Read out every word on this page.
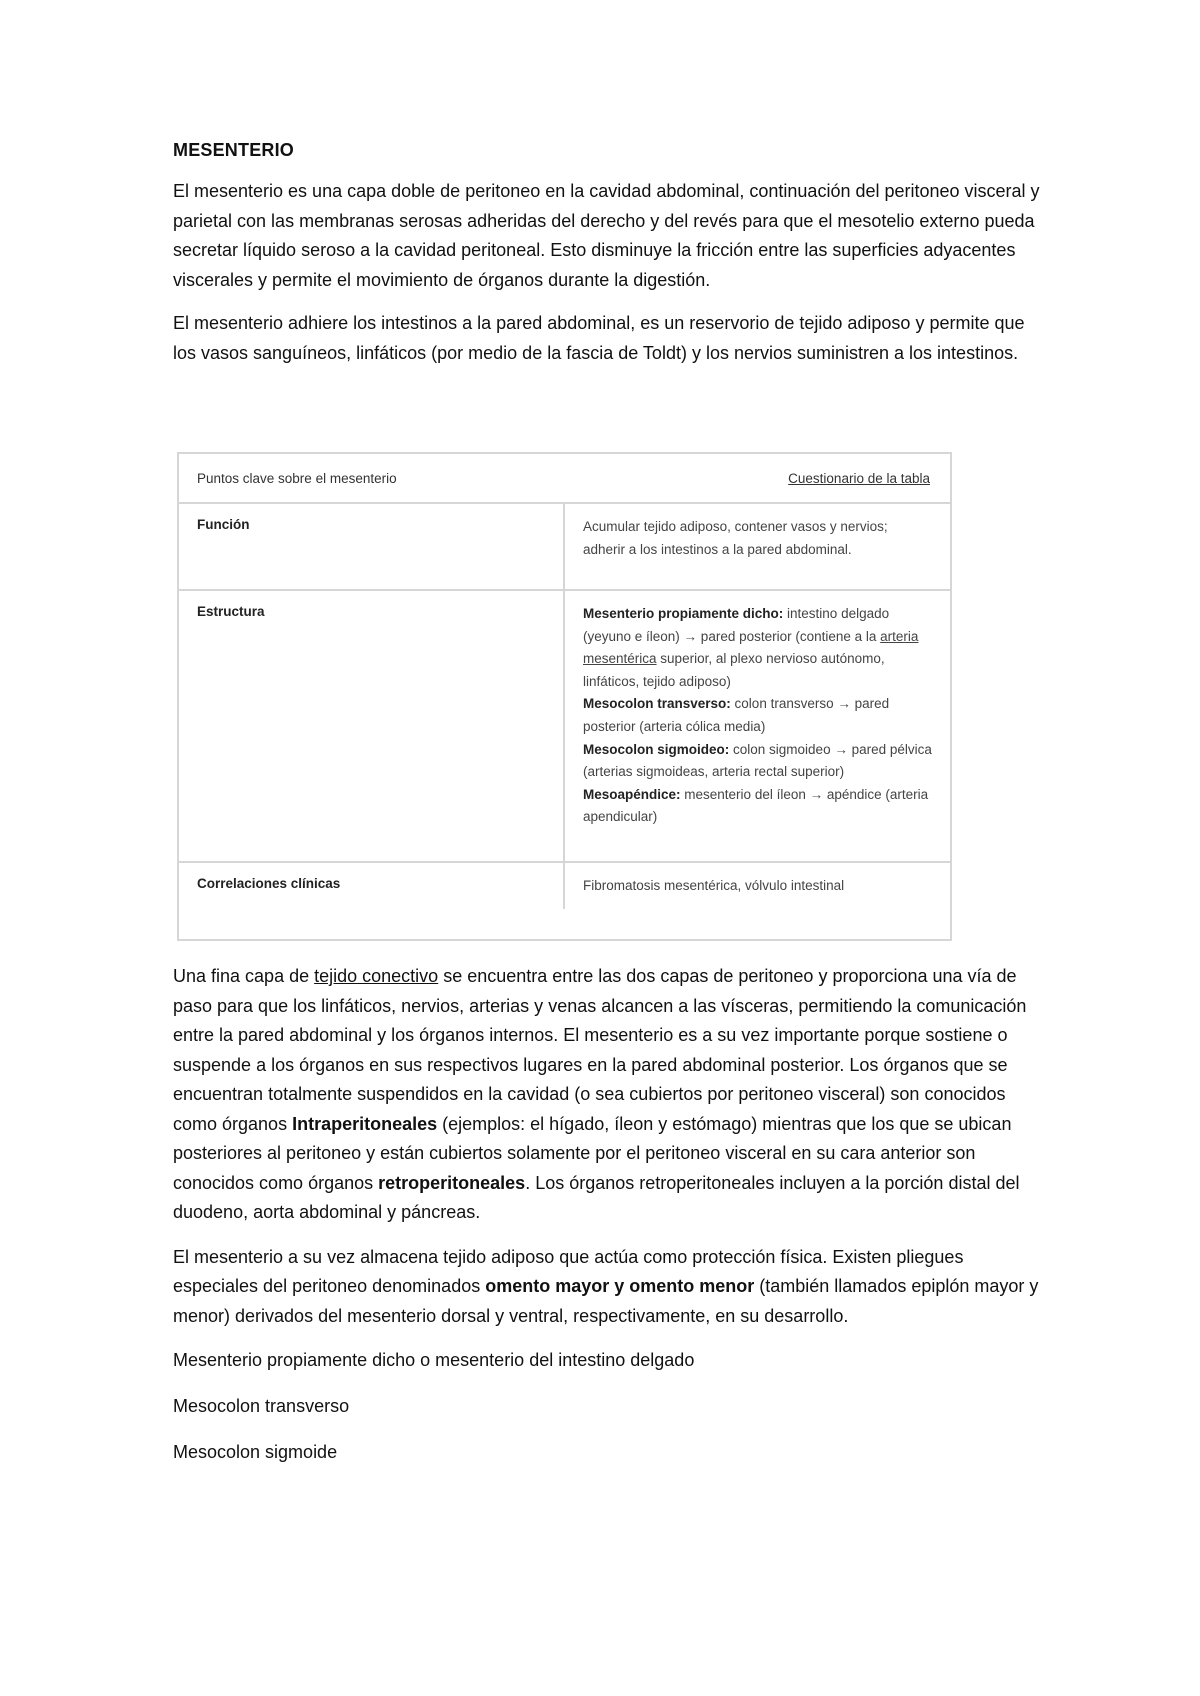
MESENTERIO

El mesenterio es una capa doble de peritoneo en la cavidad abdominal, continuación del peritoneo visceral y parietal con las membranas serosas adheridas del derecho y del revés para que el mesotelio externo pueda secretar líquido seroso a la cavidad peritoneal. Esto disminuye la fricción entre las superficies adyacentes viscerales y permite el movimiento de órganos durante la digestión.

El mesenterio adhiere los intestinos a la pared abdominal, es un reservorio de tejido adiposo y permite que los vasos sanguíneos, linfáticos (por medio de la fascia de Toldt) y los nervios suministren a los intestinos.

Puntos clave sobre el mesenterio	Cuestionario de la tabla
Función	Acumular tejido adiposo, contener vasos y nervios; adherir a los intestinos a la pared abdominal.
Estructura	Mesenterio propiamente dicho: intestino delgado (yeyuno e íleon) → pared posterior (contiene a la arteria mesentérica superior, al plexo nervioso autónomo, linfáticos, tejido adiposo)
Mesocolon transverso: colon transverso → pared posterior (arteria cólica media)
Mesocolon sigmoideo: colon sigmoideo → pared pélvica (arterias sigmoideas, arteria rectal superior)
Mesoapéndice: mesenterio del íleon → apéndice (arteria apendicular)
Correlaciones clínicas	Fibromatosis mesentérica, vólvulo intestinal

Una fina capa de tejido conectivo se encuentra entre las dos capas de peritoneo y proporciona una vía de paso para que los linfáticos, nervios, arterias y venas alcancen a las vísceras, permitiendo la comunicación entre la pared abdominal y los órganos internos. El mesenterio es a su vez importante porque sostiene o suspende a los órganos en sus respectivos lugares en la pared abdominal posterior. Los órganos que se encuentran totalmente suspendidos en la cavidad (o sea cubiertos por peritoneo visceral) son conocidos como órganos Intraperitoneales (ejemplos: el hígado, íleon y estómago) mientras que los que se ubican posteriores al peritoneo y están cubiertos solamente por el peritoneo visceral en su cara anterior son conocidos como órganos retroperitoneales. Los órganos retroperitoneales incluyen a la porción distal del duodeno, aorta abdominal y páncreas.

El mesenterio a su vez almacena tejido adiposo que actúa como protección física. Existen pliegues especiales del peritoneo denominados omento mayor y omento menor (también llamados epiplón mayor y menor) derivados del mesenterio dorsal y ventral, respectivamente, en su desarrollo.

Mesenterio propiamente dicho o mesenterio del intestino delgado
Mesocolon transverso
Mesocolon sigmoide
